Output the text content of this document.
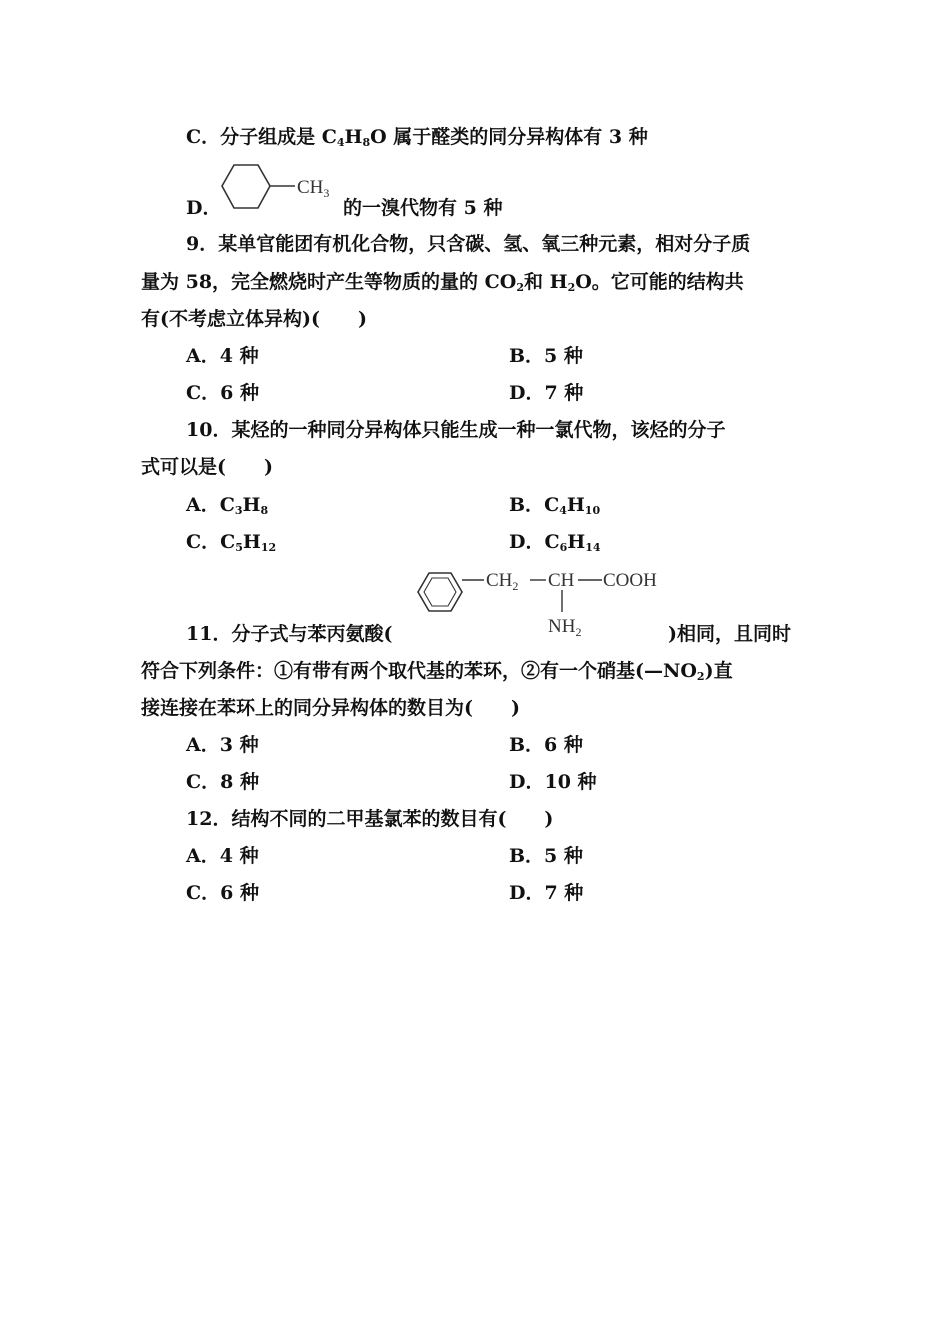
C．分子组成是 $C_4H_8O$ 属于醛类的同分异构体有 3 种
D．
$CH_3$
的一溴代物有 5 种
9．某单官能团有机化合物，只含碳、氢、氧三种元素，相对分子质
量为 58，完全燃烧时产生等物质的量的 $CO_2$和 $H_2O$。它可能的结构共
有(不考虑立体异构)(　　)
A．4 种	B．5 种
C．6 种	D．7 种
10．某烃的一种同分异构体只能生成一种一氯代物，该烃的分子
式可以是(　　)
A．$C_3H_8$	B．$C_4H_{10}$
C．$C_5H_{12}$	D．$C_6H_{14}$
$CH_2$ CH COOH
$NH_2$
11．分子式与苯丙氨酸(	)相同，且同时
符合下列条件：①有带有两个取代基的苯环，②有一个硝基$(—NO_2)$直
接连接在苯环上的同分异构体的数目为(　　)
A．3 种	B．6 种
C．8 种	D．10 种
12．结构不同的二甲基氯苯的数目有(　　)
A．4 种	B．5 种
C．6 种	D．7 种
